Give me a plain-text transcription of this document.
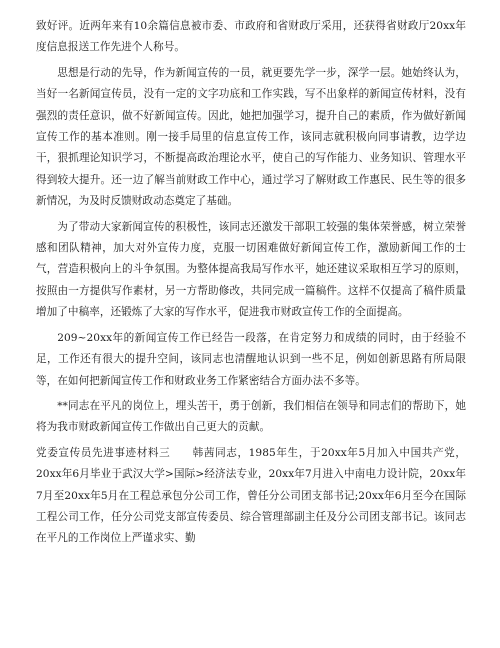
致好评。近两年来有10余篇信息被市委、市政府和省财政厅采用，还获得省财政厅20xx年度信息报送工作先进个人称号。

思想是行动的先导，作为新闻宣传的一员，就更要先学一步，深学一层。她始终认为，当好一名新闻宣传员，没有一定的文字功底和工作实践，写不出象样的新闻宣传材料，没有强烈的责任意识，做不好新闻宣传。因此，她把加强学习，提升自己的素质，作为做好新闻宣传工作的基本准则。刚一接手局里的信息宣传工作，该同志就积极向同事请教，边学边干，狠抓理论知识学习，不断提高政治理论水平，使自己的写作能力、业务知识、管理水平得到较大提升。还一边了解当前财政工作中心，通过学习了解财政工作惠民、民生等的很多新情况，为及时反馈财政动态奠定了基础。

为了带动大家新闻宣传的积极性，该同志还激发干部职工较强的集体荣誉感，树立荣誉感和团队精神，加大对外宣传力度，克服一切困难做好新闻宣传工作，激励新闻工作的士气，营造积极向上的斗争氛围。为整体提高我局写作水平，她还建议采取相互学习的原则，按照由一方提供写作素材，另一方帮助修改，共同完成一篇稿件。这样不仅提高了稿件质量增加了中稿率，还锻炼了大家的写作水平，促进我市财政宣传工作的全面提高。

209~20xx年的新闻宣传工作已经告一段落，在肯定努力和成绩的同时，由于经验不足，工作还有很大的提升空间，该同志也清醒地认识到一些不足，例如创新思路有所局限等，在如何把新闻宣传工作和财政业务工作紧密结合方面办法不多等。

**同志在平凡的岗位上，埋头苦干，勇于创新，我们相信在领导和同志们的帮助下，她将为我市财政新闻宣传工作做出自己更大的贡献。

党委宣传员先进事迹材料三　　韩茜同志，1985年生，于20xx年5月加入中国共产党，20xx年6月毕业于武汉大学>国际>经济法专业，20xx年7月进入中南电力设计院，20xx年7月至20xx年5月在工程总承包分公司工作，曾任分公司团支部书记;20xx年6月至今在国际工程公司工作，任分公司党支部宣传委员、综合管理部副主任及分公司团支部书记。该同志在平凡的工作岗位上严谨求实、勤
